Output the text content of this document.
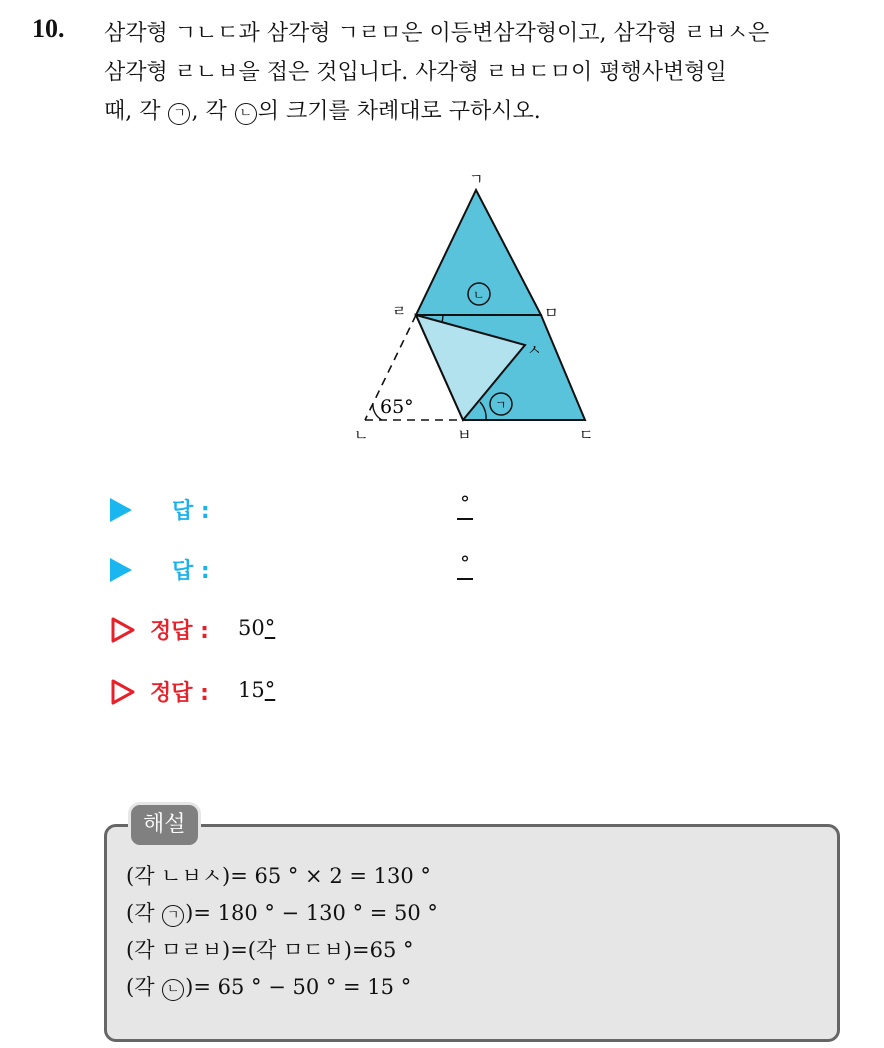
10. 삼각형 ㄱㄴㄷ과 삼각형 ㄱㄹㅁ은 이등변삼각형이고, 삼각형 ㄹㅂㅅ은
삼각형 ㄹㄴㅂ을 접은 것입니다. 사각형 ㄹㅂㄷㅁ이 평행사변형일
때, 각 ㄱ , 각 ㄴ 의 크기를 차례대로 구하시오.
ㄱ
ㄹ	ㅁ
ㅅ
ㄴ	ㅂ	ㄷ
65°	ㄱ
ㄴ
답 :	°
답 :	°
정답 : 50°
정답 : 15°
해설
(각 ㄴㅂㅅ)= 65 ° × 2 = 130 °
(각 ㄱ )= 180 ° − 130 ° = 50 °
(각 ㅁㄹㅂ)=(각 ㅁㄷㅂ)=65 °
(각 ㄴ )= 65 ° − 50 ° = 15 °
